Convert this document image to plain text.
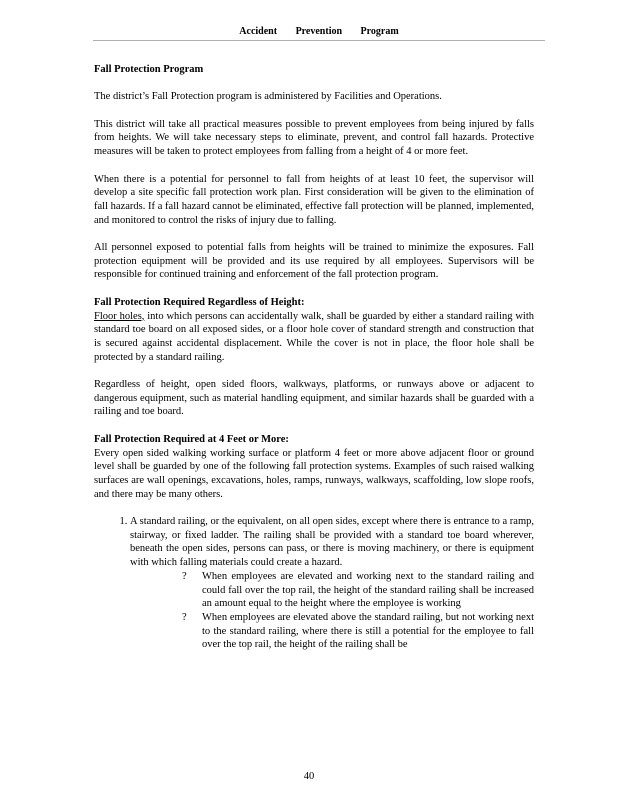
Accident Prevention Program

Fall Protection Program

The district’s Fall Protection program is administered by Facilities and Operations.

This district will take all practical measures possible to prevent employees from being injured by falls from heights. We will take necessary steps to eliminate, prevent, and control fall hazards. Protective measures will be taken to protect employees from falling from a height of 4 or more feet.

When there is a potential for personnel to fall from heights of at least 10 feet, the supervisor will develop a site specific fall protection work plan. First consideration will be given to the elimination of fall hazards. If a fall hazard cannot be eliminated, effective fall protection will be planned, implemented, and monitored to control the risks of injury due to falling.

All personnel exposed to potential falls from heights will be trained to minimize the exposures. Fall protection equipment will be provided and its use required by all employees. Supervisors will be responsible for continued training and enforcement of the fall protection program.

Fall Protection Required Regardless of Height:
Floor holes, into which persons can accidentally walk, shall be guarded by either a standard railing with standard toe board on all exposed sides, or a floor hole cover of standard strength and construction that is secured against accidental displacement. While the cover is not in place, the floor hole shall be protected by a standard railing.

Regardless of height, open sided floors, walkways, platforms, or runways above or adjacent to dangerous equipment, such as material handling equipment, and similar hazards shall be guarded with a railing and toe board.

Fall Protection Required at 4 Feet or More:
Every open sided walking working surface or platform 4 feet or more above adjacent floor or ground level shall be guarded by one of the following fall protection systems. Examples of such raised walking surfaces are wall openings, excavations, holes, ramps, runways, walkways, scaffolding, low slope roofs, and there may be many others.

1. A standard railing, or the equivalent, on all open sides, except where there is entrance to a ramp, stairway, or fixed ladder. The railing shall be provided with a standard toe board wherever, beneath the open sides, persons can pass, or there is moving machinery, or there is equipment with which falling materials could create a hazard.
? When employees are elevated and working next to the standard railing and could fall over the top rail, the height of the standard railing shall be increased an amount equal to the height where the employee is working
? When employees are elevated above the standard railing, but not working next to the standard railing, where there is still a potential for the employee to fall over the top rail, the height of the railing shall be
40
